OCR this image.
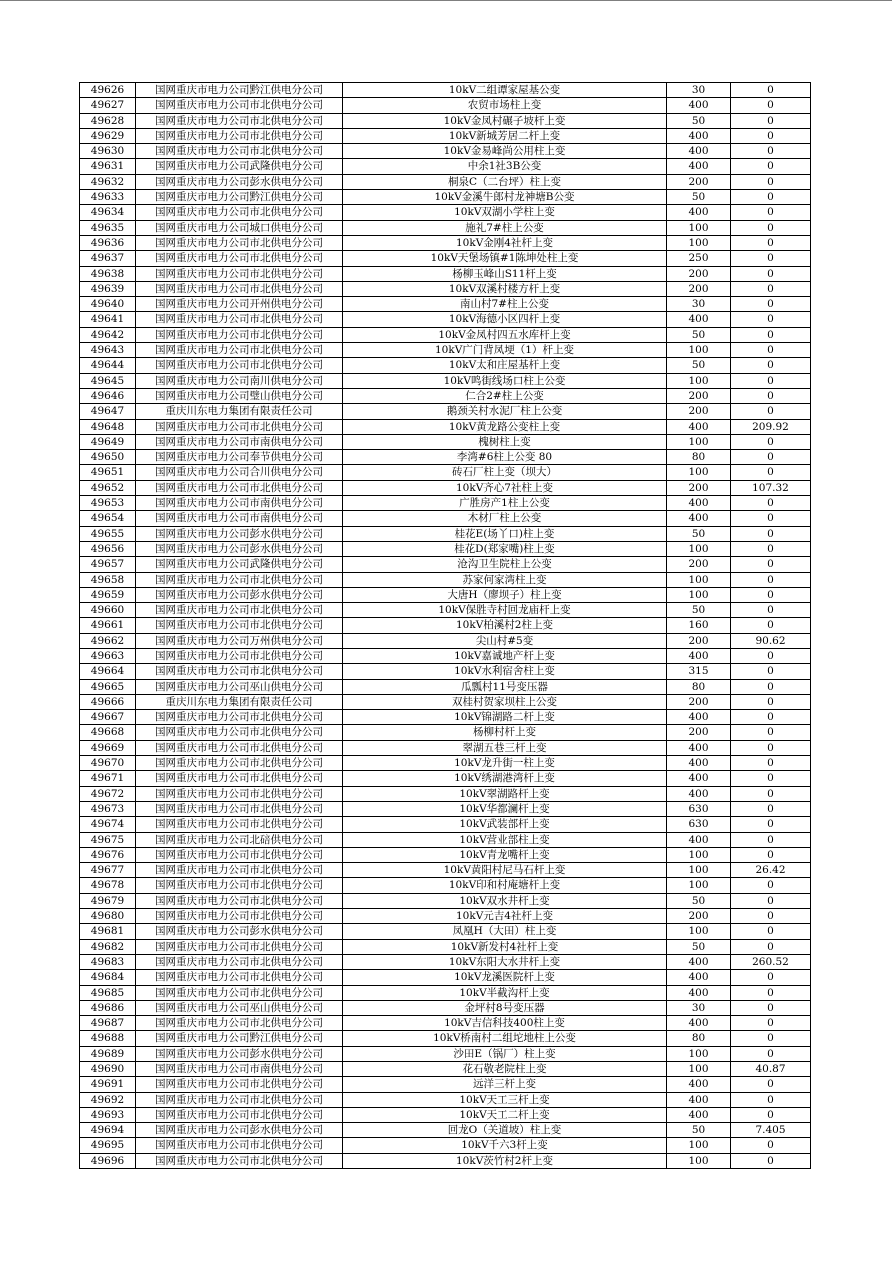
49626	国网重庆市电力公司黔江供电分公司	10kV二组谭家屋基公变	30	0
49627	国网重庆市电力公司市北供电分公司	农贸市场柱上变	400	0
49628	国网重庆市电力公司市北供电分公司	10kV金凤村碾子坡杆上变	50	0
49629	国网重庆市电力公司市北供电分公司	10kV新城芳居二杆上变	400	0
49630	国网重庆市电力公司市北供电分公司	10kV金易峰尚公用柱上变	400	0
49631	国网重庆市电力公司武隆供电分公司	中余1社3B公变	400	0
49632	国网重庆市电力公司彭水供电分公司	桐泉C（二台坪）柱上变	200	0
49633	国网重庆市电力公司黔江供电分公司	10kV金溪牛郎村龙神塘B公变	50	0
49634	国网重庆市电力公司市北供电分公司	10kV双湖小学柱上变	400	0
49635	国网重庆市电力公司城口供电分公司	施礼7#柱上公变	100	0
49636	国网重庆市电力公司市北供电分公司	10kV金刚4社杆上变	100	0
49637	国网重庆市电力公司市北供电分公司	10kV天堡场镇#1陈坤处柱上变	250	0
49638	国网重庆市电力公司市北供电分公司	杨柳玉峰山S11杆上变	200	0
49639	国网重庆市电力公司市北供电分公司	10kV双溪村楼方杆上变	200	0
49640	国网重庆市电力公司开州供电分公司	南山村7#柱上公变	30	0
49641	国网重庆市电力公司市北供电分公司	10kV海德小区四杆上变	400	0
49642	国网重庆市电力公司市北供电分公司	10kV金凤村四五水库杆上变	50	0
49643	国网重庆市电力公司市北供电分公司	10kV广门背凤埂（1）杆上变	100	0
49644	国网重庆市电力公司市北供电分公司	10kV太和庄屋基杆上变	50	0
49645	国网重庆市电力公司南川供电分公司	10kV鸣街线场口柱上公变	100	0
49646	国网重庆市电力公司璧山供电分公司	仁合2#柱上公变	200	0
49647	重庆川东电力集团有限责任公司	鹅颈关村水泥厂柱上公变	200	0
49648	国网重庆市电力公司市北供电分公司	10kV黄龙路公变柱上变	400	209.92
49649	国网重庆市电力公司市南供电分公司	槐树柱上变	100	0
49650	国网重庆市电力公司奉节供电分公司	李湾#6柱上公变 80	80	0
49651	国网重庆市电力公司合川供电分公司	砖石厂柱上变（坝大）	100	0
49652	国网重庆市电力公司市北供电分公司	10kV齐心7社柱上变	200	107.32
49653	国网重庆市电力公司市南供电分公司	广胜房产1柱上公变	400	0
49654	国网重庆市电力公司市南供电分公司	木材厂柱上公变	400	0
49655	国网重庆市电力公司彭水供电分公司	桂花E(场丫口)柱上变	50	0
49656	国网重庆市电力公司彭水供电分公司	桂花D(郑家嘴)柱上变	100	0
49657	国网重庆市电力公司武隆供电分公司	沧沟卫生院柱上公变	200	0
49658	国网重庆市电力公司市北供电分公司	苏家何家湾柱上变	100	0
49659	国网重庆市电力公司彭水供电分公司	大唐H（廖坝子）柱上变	100	0
49660	国网重庆市电力公司市北供电分公司	10kV保胜寺村回龙庙杆上变	50	0
49661	国网重庆市电力公司市北供电分公司	10kV柏溪村2柱上变	160	0
49662	国网重庆市电力公司万州供电分公司	尖山村#5变	200	90.62
49663	国网重庆市电力公司市北供电分公司	10kV嘉诚地产杆上变	400	0
49664	国网重庆市电力公司市北供电分公司	10kV水利宿舍柱上变	315	0
49665	国网重庆市电力公司巫山供电分公司	瓜瓢村11号变压器	80	0
49666	重庆川东电力集团有限责任公司	双桂村贺家坝柱上公变	200	0
49667	国网重庆市电力公司市北供电分公司	10kV锦湖路二杆上变	400	0
49668	国网重庆市电力公司市北供电分公司	杨柳村杆上变	200	0
49669	国网重庆市电力公司市北供电分公司	翠湖五巷三杆上变	400	0
49670	国网重庆市电力公司市北供电分公司	10kV龙升街一柱上变	400	0
49671	国网重庆市电力公司市北供电分公司	10kV绣湖港湾杆上变	400	0
49672	国网重庆市电力公司市北供电分公司	10kV翠湖路杆上变	400	0
49673	国网重庆市电力公司市北供电分公司	10kV华都澜杆上变	630	0
49674	国网重庆市电力公司市北供电分公司	10kV武装部杆上变	630	0
49675	国网重庆市电力公司北碚供电分公司	10kV营业部柱上变	400	0
49676	国网重庆市电力公司市北供电分公司	10kV青龙嘴杆上变	100	0
49677	国网重庆市电力公司市北供电分公司	10kV黄阳村尼马石杆上变	100	26.42
49678	国网重庆市电力公司市北供电分公司	10kV印和村庵塘杆上变	100	0
49679	国网重庆市电力公司市北供电分公司	10kV双水井杆上变	50	0
49680	国网重庆市电力公司市北供电分公司	10kV元吉4社杆上变	200	0
49681	国网重庆市电力公司彭水供电分公司	凤凰H（大田）柱上变	100	0
49682	国网重庆市电力公司市北供电分公司	10kV新发村4社杆上变	50	0
49683	国网重庆市电力公司市北供电分公司	10kV东阳大水井杆上变	400	260.52
49684	国网重庆市电力公司市北供电分公司	10kV龙溪医院杆上变	400	0
49685	国网重庆市电力公司市北供电分公司	10kV半截沟杆上变	400	0
49686	国网重庆市电力公司巫山供电分公司	金坪村8号变压器	30	0
49687	国网重庆市电力公司市北供电分公司	10kV吉信科技400柱上变	400	0
49688	国网重庆市电力公司黔江供电分公司	10kV桥南村二组坨地柱上公变	80	0
49689	国网重庆市电力公司彭水供电分公司	沙田E（锅厂）柱上变	100	0
49690	国网重庆市电力公司市南供电分公司	花石敬老院柱上变	100	40.87
49691	国网重庆市电力公司市北供电分公司	远洋三杆上变	400	0
49692	国网重庆市电力公司市北供电分公司	10kV天工三杆上变	400	0
49693	国网重庆市电力公司市北供电分公司	10kV天工二杆上变	400	0
49694	国网重庆市电力公司彭水供电分公司	回龙O（关道坡）柱上变	50	7.405
49695	国网重庆市电力公司市北供电分公司	10kV千六3杆上变	100	0
49696	国网重庆市电力公司市北供电分公司	10kV茨竹村2杆上变	100	0
